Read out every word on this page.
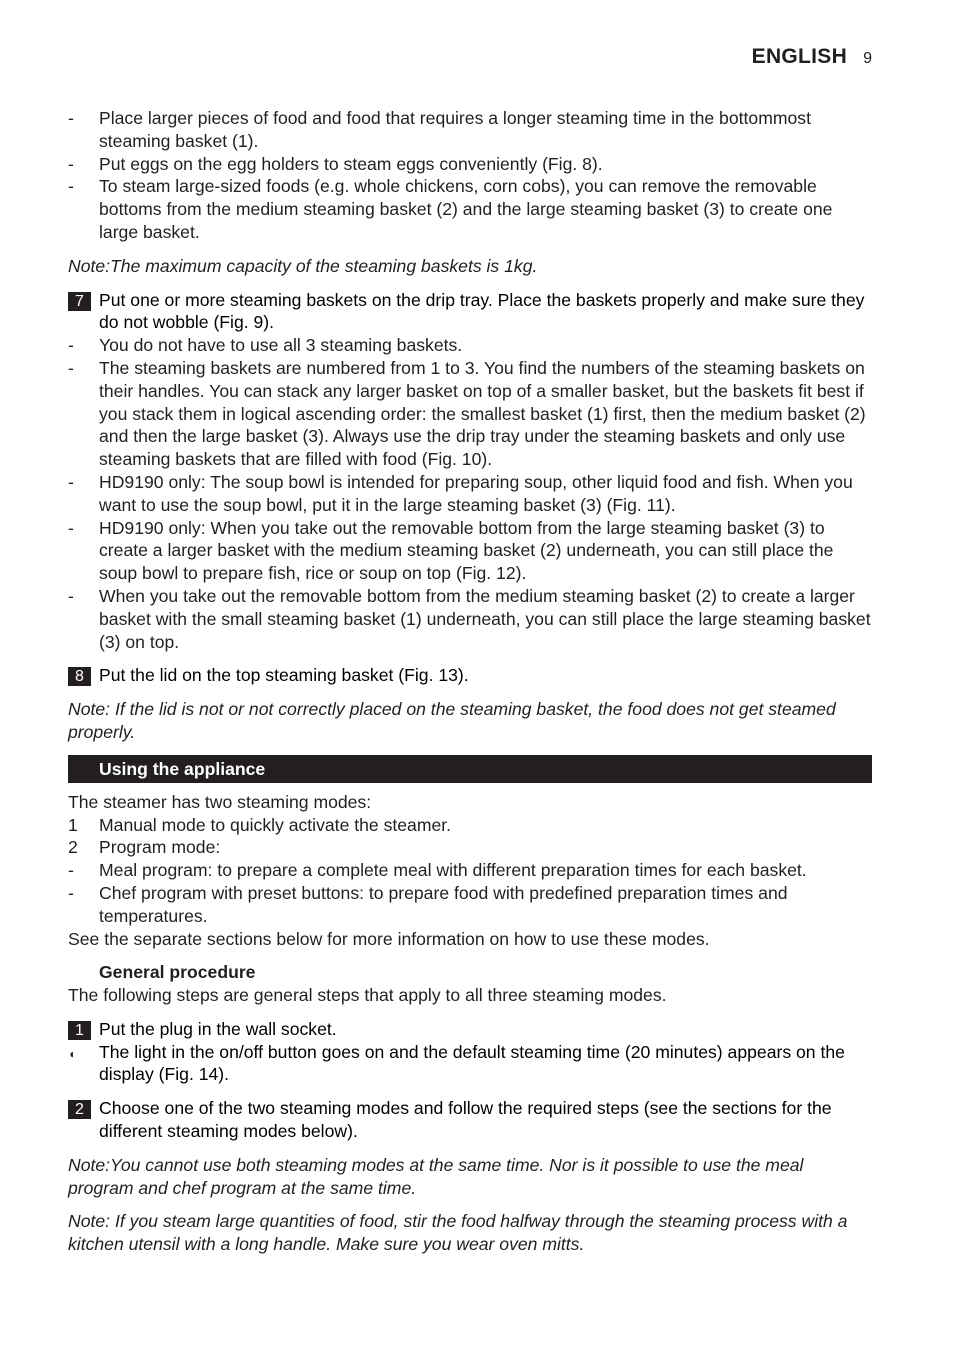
ENGLISH 9
-	Place larger pieces of food and food that requires a longer steaming time in the bottommost steaming basket (1).
-	Put eggs on the egg holders to steam eggs conveniently (Fig. 8).
-	To steam large-sized foods (e.g. whole chickens, corn cobs), you can remove the removable bottoms from the medium steaming basket (2) and the large steaming basket (3) to create one large basket.
Note:The maximum capacity of the steaming baskets is 1kg.
7 Put one or more steaming baskets on the drip tray. Place the baskets properly and make sure they do not wobble (Fig. 9).
-	You do not have to use all 3 steaming baskets.
-	The steaming baskets are numbered from 1 to 3. You find the numbers of the steaming baskets on their handles. You can stack any larger basket on top of a smaller basket, but the baskets fit best if you stack them in logical ascending order: the smallest basket (1) first, then the medium basket (2) and then the large basket (3). Always use the drip tray under the steaming baskets and only use steaming baskets that are filled with food (Fig. 10).
-	HD9190 only: The soup bowl is intended for preparing soup, other liquid food and fish. When you want to use the soup bowl, put it in the large steaming basket (3) (Fig. 11).
-	HD9190 only: When you take out the removable bottom from the large steaming basket (3) to create a larger basket with the medium steaming basket (2) underneath, you can still place the soup bowl to prepare fish, rice or soup on top (Fig. 12).
-	When you take out the removable bottom from the medium steaming basket (2) to create a larger basket with the small steaming basket (1) underneath, you can still place the large steaming basket (3) on top.
8 Put the lid on the top steaming basket (Fig. 13).
Note: If the lid is not or not correctly placed on the steaming basket, the food does not get steamed properly.
Using the appliance
The steamer has two steaming modes:
1	Manual mode to quickly activate the steamer.
2	Program mode:
-	Meal program: to prepare a complete meal with different preparation times for each basket.
-	Chef program with preset buttons: to prepare food with predefined preparation times and temperatures.
See the separate sections below for more information on how to use these modes.
General procedure
The following steps are general steps that apply to all three steaming modes.
1 Put the plug in the wall socket.
◖	The light in the on/off button goes on and the default steaming time (20 minutes) appears on the display (Fig. 14).
2 Choose one of the two steaming modes and follow the required steps (see the sections for the different steaming modes below).
Note:You cannot use both steaming modes at the same time. Nor is it possible to use the meal program and chef program at the same time.
Note: If you steam large quantities of food, stir the food halfway through the steaming process with a kitchen utensil with a long handle. Make sure you wear oven mitts.
